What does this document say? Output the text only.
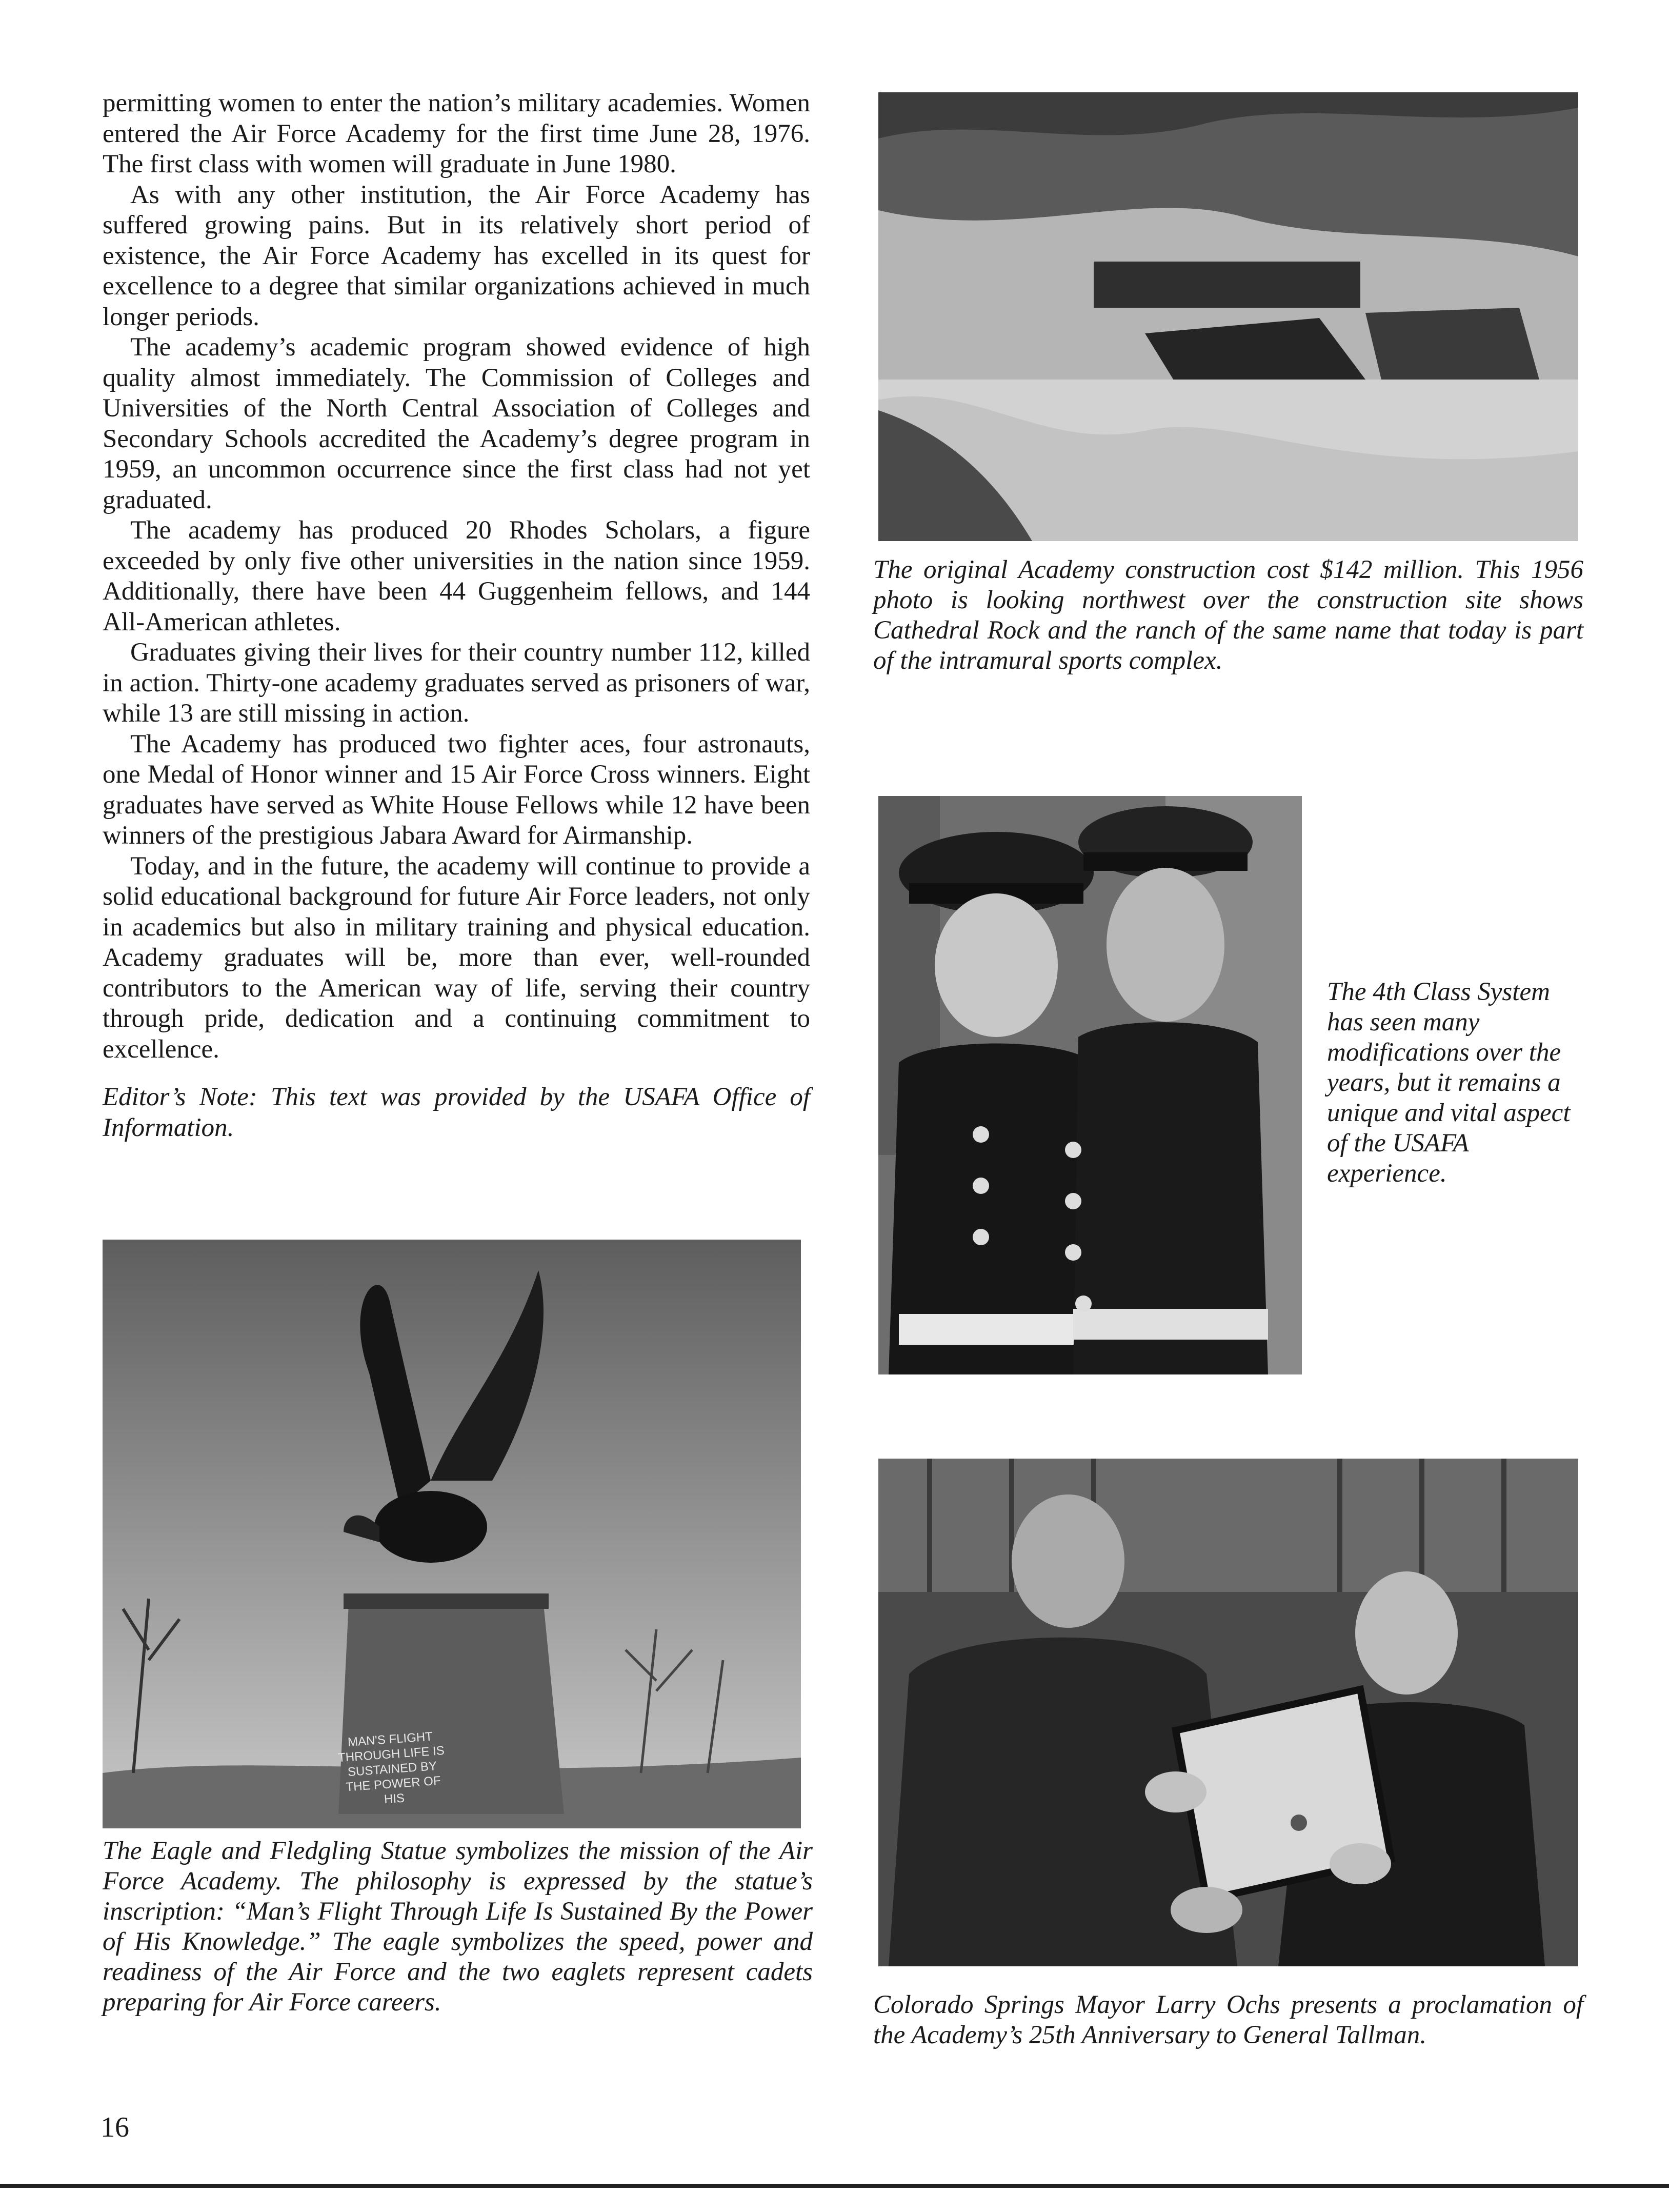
permitting women to enter the nation’s military academies. Women entered the Air Force Academy for the first time June 28, 1976. The first class with women will graduate in June 1980.

As with any other institution, the Air Force Academy has suffered growing pains. But in its relatively short period of existence, the Air Force Academy has excelled in its quest for excellence to a degree that similar organizations achieved in much longer periods.

The academy’s academic program showed evidence of high quality almost immediately. The Commission of Colleges and Universities of the North Central Association of Colleges and Secondary Schools accredited the Academy’s degree program in 1959, an uncommon occurrence since the first class had not yet graduated.

The academy has produced 20 Rhodes Scholars, a figure exceeded by only five other universities in the nation since 1959. Additionally, there have been 44 Guggenheim fellows, and 144 All-American athletes.

Graduates giving their lives for their country number 112, killed in action. Thirty-one academy graduates served as prisoners of war, while 13 are still missing in action.

The Academy has produced two fighter aces, four astronauts, one Medal of Honor winner and 15 Air Force Cross winners. Eight graduates have served as White House Fellows while 12 have been winners of the prestigious Jabara Award for Airmanship.

Today, and in the future, the academy will continue to provide a solid educational background for future Air Force leaders, not only in academics but also in military training and physical education. Academy graduates will be, more than ever, well-rounded contributors to the American way of life, serving their country through pride, dedication and a continuing commitment to excellence.

Editor’s Note: This text was provided by the USAFA Office of Information.

The original Academy construction cost $142 million. This 1956 photo is looking northwest over the construction site shows Cathedral Rock and the ranch of the same name that today is part of the intramural sports complex.
The 4th Class System has seen many modifications over the years, but it remains a unique and vital aspect of the USAFA experience.
MAN'S FLIGHT THROUGH LIFE IS SUSTAINED BY THE POWER OF HIS
The Eagle and Fledgling Statue symbolizes the mission of the Air Force Academy. The philosophy is expressed by the statue’s inscription: “Man’s Flight Through Life Is Sustained By the Power of His Knowledge.” The eagle symbolizes the speed, power and readiness of the Air Force and the two eaglets represent cadets preparing for Air Force careers.	Colorado Springs Mayor Larry Ochs presents a proclamation of the Academy’s 25th Anniversary to General Tallman.
16
